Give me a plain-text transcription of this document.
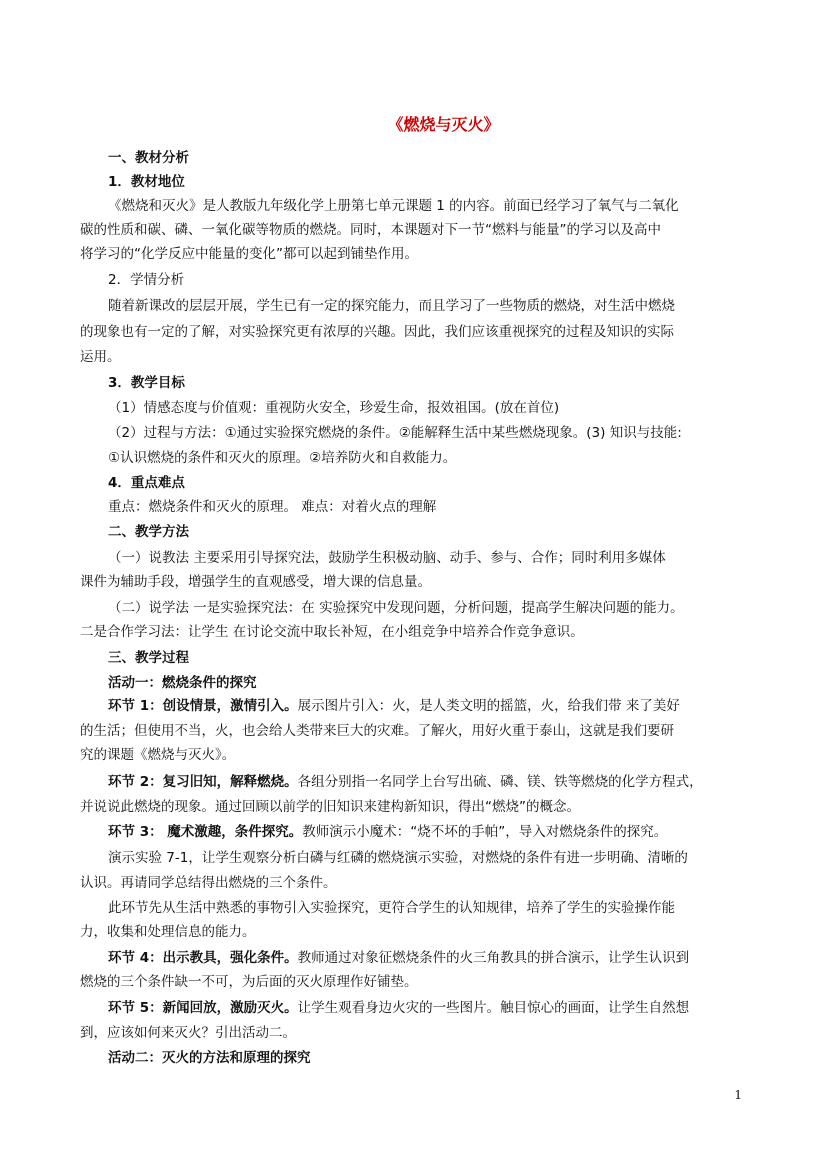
《燃烧与灭火》
一、教材分析
1．教材地位
《燃烧和灭火》是人教版九年级化学上册第七单元课题 1 的内容。前面已经学习了氧气与二氧化
碳的性质和碳、磷、一氧化碳等物质的燃烧。同时，本课题对下一节“燃料与能量”的学习以及高中
将学习的“化学反应中能量的变化”都可以起到铺垫作用。
2．学情分析
随着新课改的层层开展，学生已有一定的探究能力，而且学习了一些物质的燃烧，对生活中燃烧
的现象也有一定的了解，对实验探究更有浓厚的兴趣。因此，我们应该重视探究的过程及知识的实际
运用。
3．教学目标
（1）情感态度与价值观：重视防火安全，珍爱生命，报效祖国。(放在首位)
（2）过程与方法：①通过实验探究燃烧的条件。②能解释生活中某些燃烧现象。(3) 知识与技能:
①认识燃烧的条件和灭火的原理。②培养防火和自救能力。
4．重点难点
重点：燃烧条件和灭火的原理。 难点：对着火点的理解
二、教学方法
（一）说教法 主要采用引导探究法，鼓励学生积极动脑、动手、参与、合作；同时利用多媒体
课件为辅助手段，增强学生的直观感受，增大课的信息量。
（二）说学法 一是实验探究法：在 实验探究中发现问题，分析问题，提高学生解决问题的能力。
二是合作学习法：让学生 在讨论交流中取长补短，在小组竞争中培养合作竞争意识。
三、教学过程
活动一：燃烧条件的探究
环节 1：创设情景，激情引入。展示图片引入：火，是人类文明的摇篮，火，给我们带 来了美好
的生活；但使用不当，火，也会给人类带来巨大的灾难。了解火，用好火重于泰山，这就是我们要研
究的课题《燃烧与灭火》。
环节 2：复习旧知，解释燃烧。各组分别指一名同学上台写出硫、磷、镁、铁等燃烧的化学方程式，
并说说此燃烧的现象。通过回顾以前学的旧知识来建构新知识，得出“燃烧”的概念。
环节 3： 魔术激趣，条件探究。教师演示小魔术：“烧不坏的手帕”，导入对燃烧条件的探究。
演示实验 7-1，让学生观察分析白磷与红磷的燃烧演示实验，对燃烧的条件有进一步明确、清晰的
认识。再请同学总结得出燃烧的三个条件。
此环节先从生活中熟悉的事物引入实验探究，更符合学生的认知规律，培养了学生的实验操作能
力，收集和处理信息的能力。
环节 4：出示教具，强化条件。教师通过对象征燃烧条件的火三角教具的拼合演示，让学生认识到
燃烧的三个条件缺一不可，为后面的灭火原理作好铺垫。
环节 5：新闻回放，激励灭火。让学生观看身边火灾的一些图片。触目惊心的画面，让学生自然想
到，应该如何来灭火？引出活动二。
活动二：灭火的方法和原理的探究
1
